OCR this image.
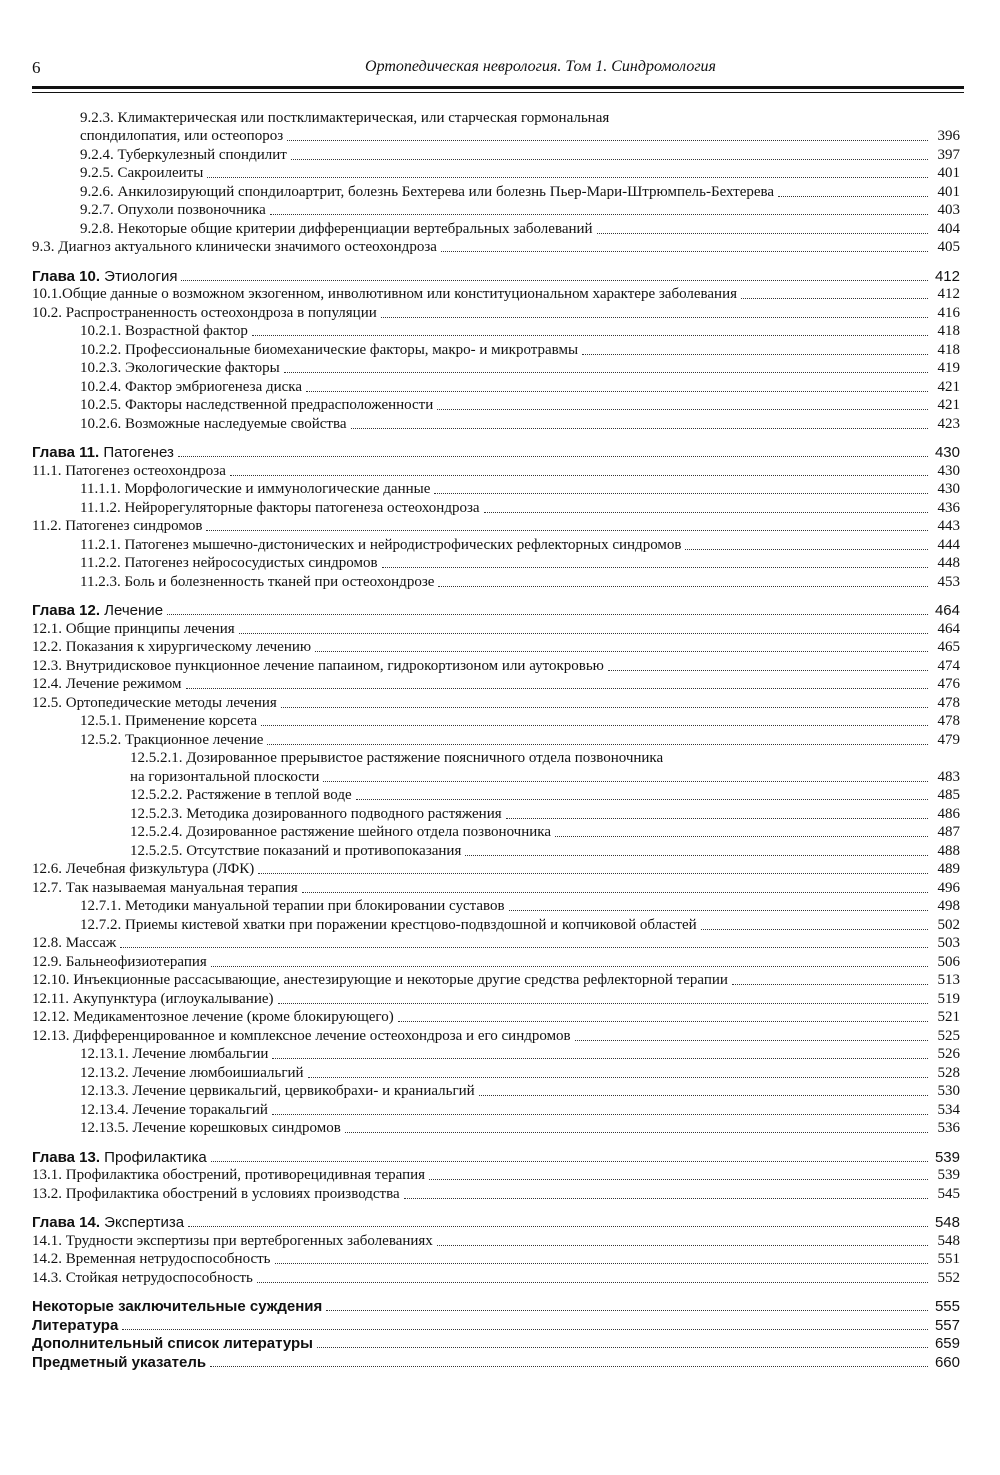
6	Ортопедическая неврология. Том 1. Синдромология
9.2.3. Климактерическая или постклимактерическая, или старческая гормональная
спондилопатия, или остеопороз	396
9.2.4. Туберкулезный спондилит	397
9.2.5. Сакроилеиты	401
9.2.6. Анкилозирующий спондилоартрит, болезнь Бехтерева или болезнь Пьер-Мари-Штрюмпель-Бехтерева	401
9.2.7. Опухоли позвоночника	403
9.2.8. Некоторые общие критерии дифференциации вертебральных заболеваний	404
9.3. Диагноз актуального клинически значимого остеохондроза	405
Глава 10. Этиология	412
10.1.Общие данные о возможном экзогенном, инволютивном или конституциональном характере заболевания	412
10.2. Распространенность остеохондроза в популяции	416
10.2.1. Возрастной фактор	418
10.2.2. Профессиональные биомеханические факторы, макро- и микротравмы	418
10.2.3. Экологические факторы	419
10.2.4. Фактор эмбриогенеза диска	421
10.2.5. Факторы наследственной предрасположенности	421
10.2.6. Возможные наследуемые свойства	423
Глава 11. Патогенез	430
11.1. Патогенез остеохондроза	430
11.1.1. Морфологические и иммунологические данные	430
11.1.2. Нейрорегуляторные факторы патогенеза остеохондроза	436
11.2. Патогенез синдромов	443
11.2.1. Патогенез мышечно-дистонических и нейродистрофических рефлекторных синдромов	444
11.2.2. Патогенез нейрососудистых синдромов	448
11.2.3. Боль и болезненность тканей при остеохондрозе	453
Глава 12. Лечение	464
12.1. Общие принципы лечения	464
12.2. Показания к хирургическому лечению	465
12.3. Внутридисковое пункционное лечение папаином, гидрокортизоном или аутокровью	474
12.4. Лечение режимом	476
12.5. Ортопедические методы лечения	478
12.5.1. Применение корсета	478
12.5.2. Тракционное лечение	479
12.5.2.1. Дозированное прерывистое растяжение поясничного отдела позвоночника
на горизонтальной плоскости	483
12.5.2.2. Растяжение в теплой воде	485
12.5.2.3. Методика дозированного подводного растяжения	486
12.5.2.4. Дозированное растяжение шейного отдела позвоночника	487
12.5.2.5. Отсутствие показаний и противопоказания	488
12.6. Лечебная физкультура (ЛФК)	489
12.7. Так называемая мануальная терапия	496
12.7.1. Методики мануальной терапии при блокировании суставов	498
12.7.2. Приемы кистевой хватки при поражении крестцово-подвздошной и копчиковой областей	502
12.8. Массаж	503
12.9. Бальнеофизиотерапия	506
12.10. Инъекционные рассасывающие, анестезирующие и некоторые другие средства рефлекторной терапии	513
12.11. Акупунктура (иглоукалывание)	519
12.12. Медикаментозное лечение (кроме блокирующего)	521
12.13. Дифференцированное и комплексное лечение остеохондроза и его синдромов	525
12.13.1. Лечение люмбальгии	526
12.13.2. Лечение люмбоишиальгий	528
12.13.3. Лечение цервикальгий, цервикобрахи- и краниальгий	530
12.13.4. Лечение торакальгий	534
12.13.5. Лечение корешковых синдромов	536
Глава 13. Профилактика	539
13.1. Профилактика обострений, противорецидивная терапия	539
13.2. Профилактика обострений в условиях производства	545
Глава 14. Экспертиза	548
14.1. Трудности экспертизы при вертеброгенных заболеваниях	548
14.2. Временная нетрудоспособность	551
14.3. Стойкая нетрудоспособность	552
Некоторые заключительные суждения	555
Литература	557
Дополнительный список литературы	659
Предметный указатель	660
